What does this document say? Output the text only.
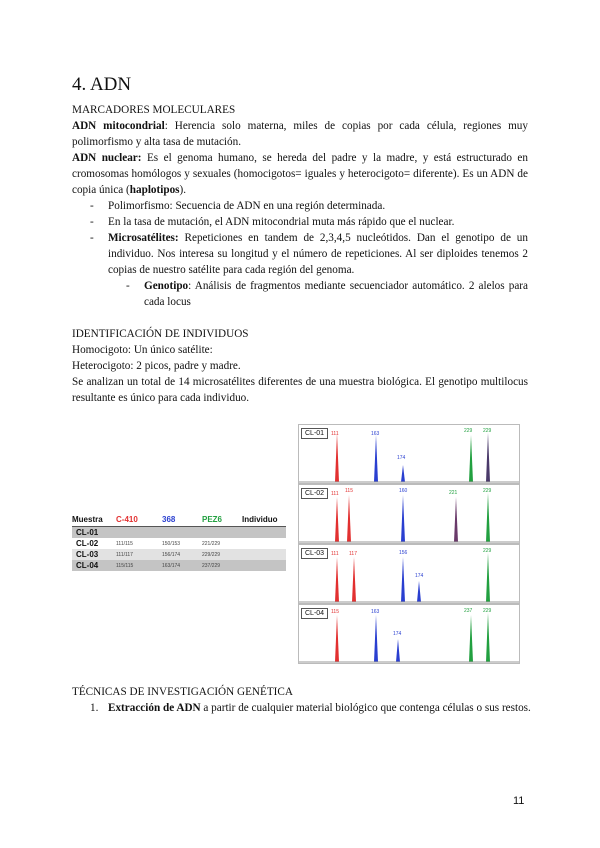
4. ADN
MARCADORES MOLECULARES
ADN mitocondrial: Herencia solo materna, miles de copias por cada célula, regiones muy polimorfismo y alta tasa de mutación.
ADN nuclear: Es el genoma humano, se hereda del padre y la madre, y está estructurado en cromosomas homólogos y sexuales (homocigotos= iguales y heterocigoto= diferente). Es un ADN de copia única (haplotipos).
- Polimorfismo: Secuencia de ADN en una región determinada.
- En la tasa de mutación, el ADN mitocondrial muta más rápido que el nuclear.
- Microsatélites: Repeticiones en tandem de 2,3,4,5 nucleótidos. Dan el genotipo de un individuo. Nos interesa su longitud y el número de repeticiones. Al ser diploides tenemos 2 copias de nuestro satélite para cada región del genoma.
- Genotipo: Análisis de fragmentos mediante secuenciador automático. 2 alelos para cada locus
IDENTIFICACIÓN DE INDIVIDUOS
Homocigoto: Un único satélite:
Heterocigoto: 2 picos, padre y madre.
Se analizan un total de 14 microsatélites diferentes de una muestra biológica. El genotipo multilocus resultante es único para cada individuo.
Muestra C-410	368	PEZ6 Individuo
CL-01
CL-02	111/115	150/153	221/229
CL-03	111/117	156/174	229/229
CL-04	115/115	163/174	237/229
CL-01	111	163
174
229 229
CL-02	111 115	160	221	229
CL-03	111 117	156
174
229
CL-04	115	163
174
237 229
TÉCNICAS DE INVESTIGACIÓN GENÉTICA
1. Extracción de ADN a partir de cualquier material biológico que contenga células o sus restos.
11
